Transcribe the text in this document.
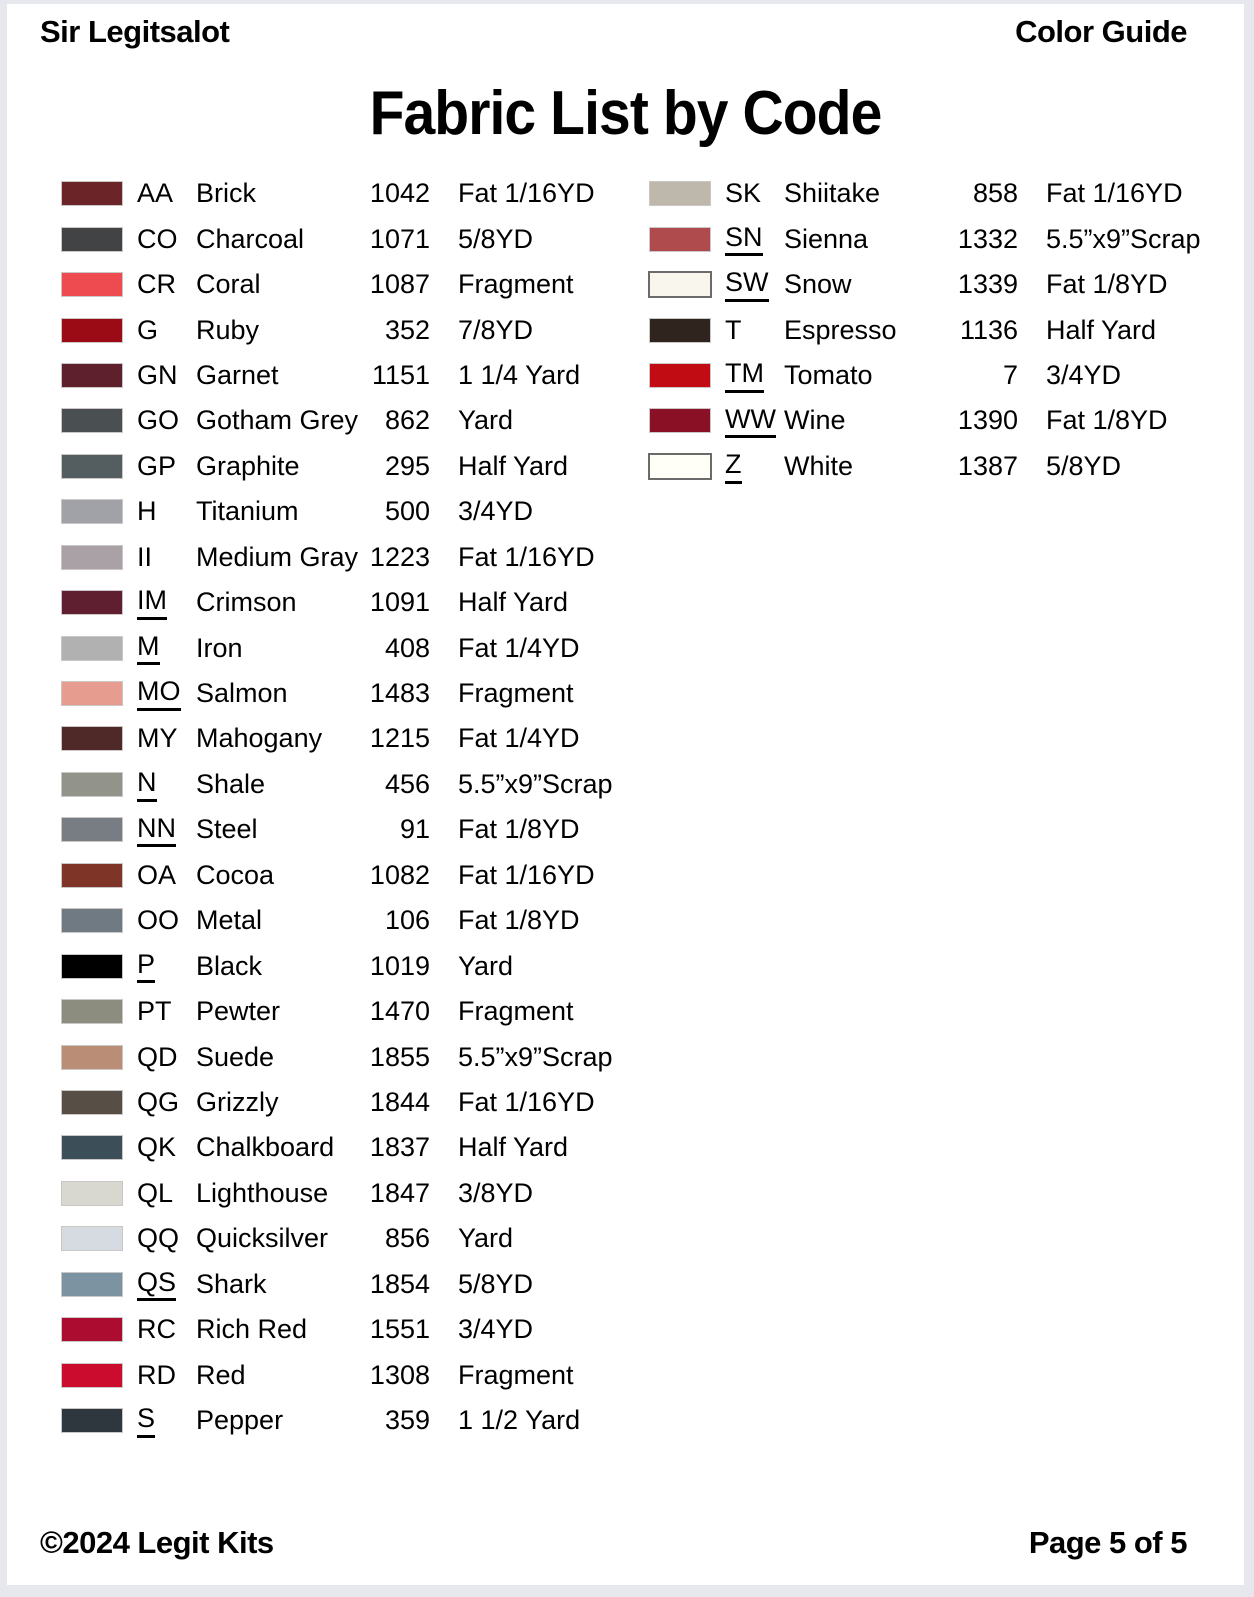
Sir Legitsalot	Color Guide
Fabric List by Code
AA Brick	1042 Fat 1/16YD
CO Charcoal	1071 5/8YD
CR Coral	1087 Fragment
G	Ruby	352 7/8YD
GN Garnet	1151 1 1/4 Yard
GO Gotham Grey 862 Yard
GP Graphite	295 Half Yard
H	Titanium	500 3/4YD
II	Medium Gray 1223 Fat 1/16YD
IM	Crimson	1091 Half Yard
M	Iron	408 Fat 1/4YD
MO Salmon	1483 Fragment
MY Mahogany	1215 Fat 1/4YD
N	Shale	456 5.5”x9”Scrap
NN Steel	91 Fat 1/8YD
OA Cocoa	1082 Fat 1/16YD
OO Metal	106 Fat 1/8YD
P	Black	1019 Yard
PT Pewter	1470 Fragment
QD Suede	1855 5.5”x9”Scrap
QG Grizzly	1844 Fat 1/16YD
QK Chalkboard	1837 Half Yard
QL Lighthouse	1847 3/8YD
QQ Quicksilver	856 Yard
QS Shark	1854 5/8YD
RC Rich Red	1551 3/4YD
RD Red	1308 Fragment
S	Pepper	359 1 1/2 Yard
SK Shiitake	858 Fat 1/16YD
SN Sienna	1332 5.5”x9”Scrap
SW Snow	1339 Fat 1/8YD
T	Espresso	1136 Half Yard
TM Tomato	7 3/4YD
WW Wine	1390 Fat 1/8YD
Z	White	1387 5/8YD
©2024 Legit Kits	Page 5 of 5
